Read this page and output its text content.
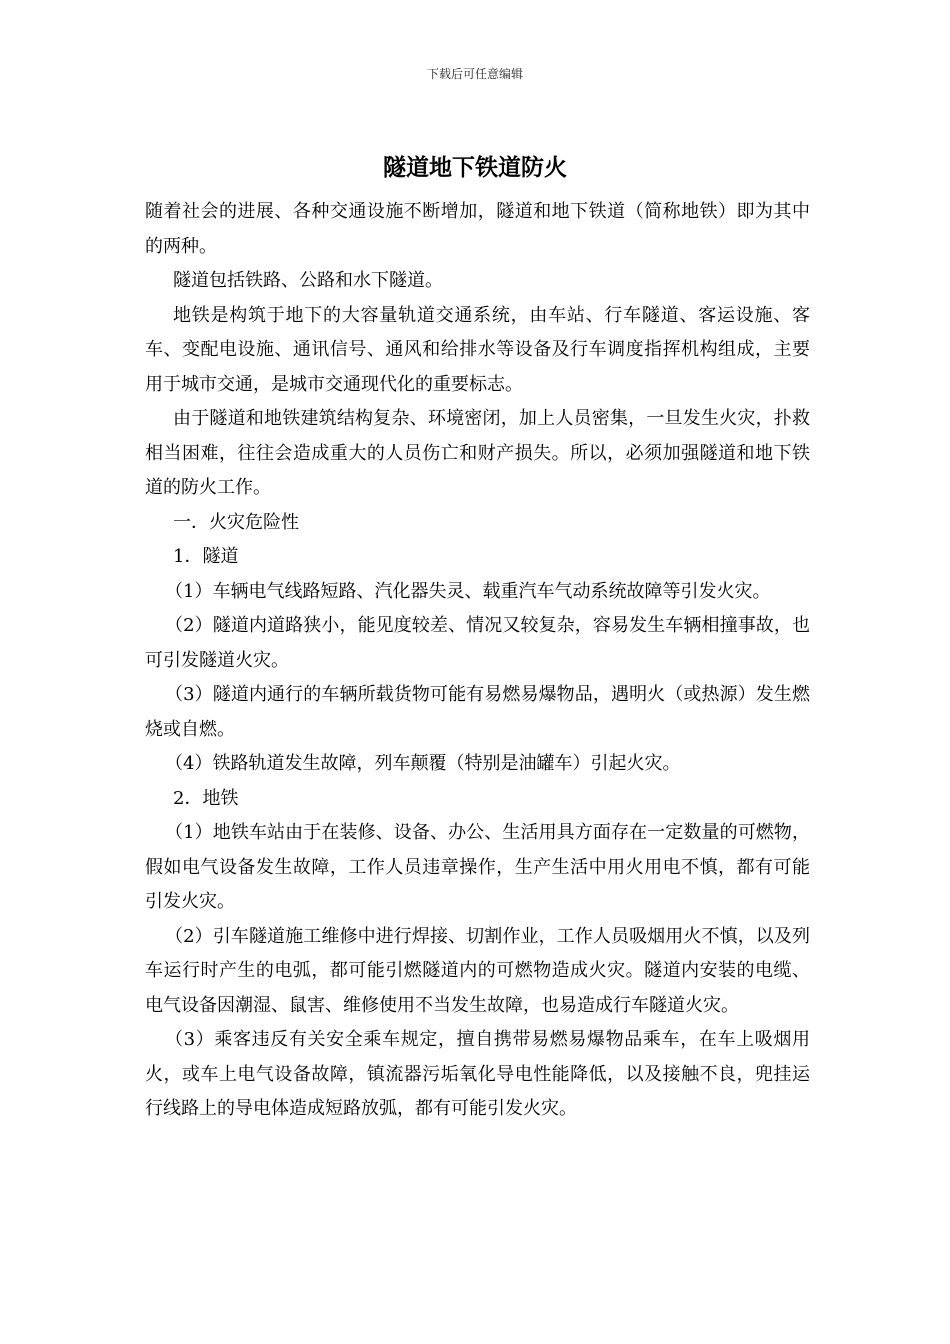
下载后可任意编辑
隧道地下铁道防火

随着社会的进展、各种交通设施不断增加，隧道和地下铁道（简称地铁）即为其中的两种。

隧道包括铁路、公路和水下隧道。

地铁是构筑于地下的大容量轨道交通系统，由车站、行车隧道、客运设施、客车、变配电设施、通讯信号、通风和给排水等设备及行车调度指挥机构组成，主要用于城市交通，是城市交通现代化的重要标志。

由于隧道和地铁建筑结构复杂、环境密闭，加上人员密集，一旦发生火灾，扑救相当困难，往往会造成重大的人员伤亡和财产损失。所以，必须加强隧道和地下铁道的防火工作。

一．火灾危险性

1．隧道

（1）车辆电气线路短路、汽化器失灵、载重汽车气动系统故障等引发火灾。

（2）隧道内道路狭小，能见度较差、情况又较复杂，容易发生车辆相撞事故，也可引发隧道火灾。

（3）隧道内通行的车辆所载货物可能有易燃易爆物品，遇明火（或热源）发生燃烧或自燃。

（4）铁路轨道发生故障，列车颠覆（特别是油罐车）引起火灾。

2．地铁

（1）地铁车站由于在装修、设备、办公、生活用具方面存在一定数量的可燃物，假如电气设备发生故障，工作人员违章操作，生产生活中用火用电不慎，都有可能引发火灾。

（2）引车隧道施工维修中进行焊接、切割作业，工作人员吸烟用火不慎，以及列车运行时产生的电弧，都可能引燃隧道内的可燃物造成火灾。隧道内安装的电缆、电气设备因潮湿、鼠害、维修使用不当发生故障，也易造成行车隧道火灾。

（3）乘客违反有关安全乘车规定，擅自携带易燃易爆物品乘车，在车上吸烟用火，或车上电气设备故障，镇流器污垢氧化导电性能降低，以及接触不良，兜挂运行线路上的导电体造成短路放弧，都有可能引发火灾。
